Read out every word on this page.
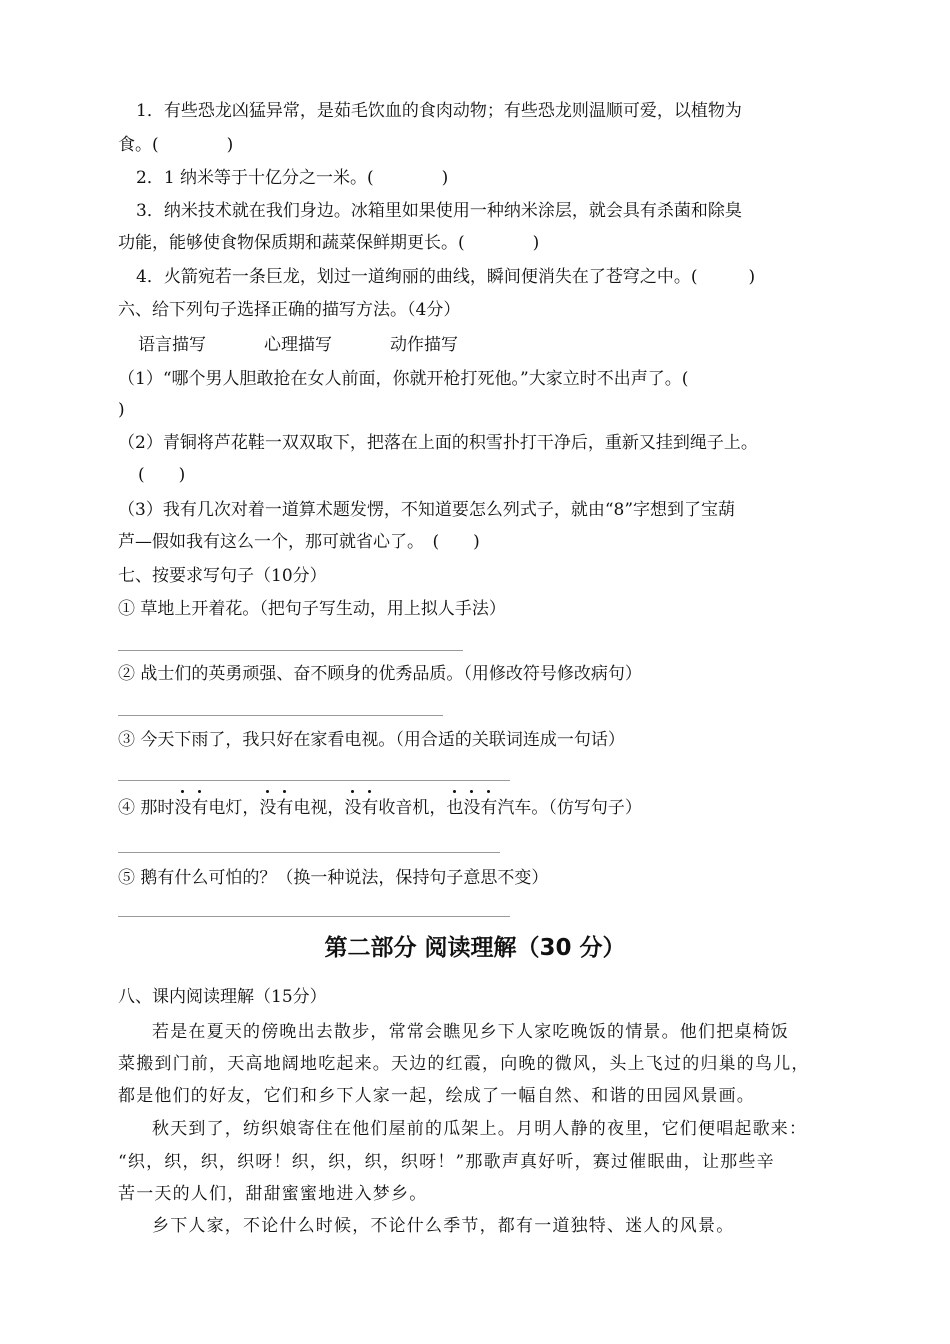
1．有些恐龙凶猛异常，是茹毛饮血的食肉动物；有些恐龙则温顺可爱，以植物为
食。(　　　　)
2．1 纳米等于十亿分之一米。(　　　　)
3．纳米技术就在我们身边。冰箱里如果使用一种纳米涂层，就会具有杀菌和除臭
功能，能够使食物保质期和蔬菜保鲜期更长。(　　　　)
4．火箭宛若一条巨龙，划过一道绚丽的曲线，瞬间便消失在了苍穹之中。(　　　)
六、给下列句子选择正确的描写方法。（4分）
语言描写	心理描写	动作描写
（1）“哪个男人胆敢抢在女人前面，你就开枪打死他。”大家立时不出声了。(
)
（2）青铜将芦花鞋一双双取下，把落在上面的积雪扑打干净后，重新又挂到绳子上。
(　　)
（3）我有几次对着一道算术题发愣，不知道要怎么列式子，就由“8”字想到了宝葫
芦—假如我有这么一个，那可就省心了。　(　　)
七、按要求写句子（10分）
① 草地上开着花。（把句子写生动，用上拟人手法）
② 战士们的英勇顽强、奋不顾身的优秀品质。（用修改符号修改病句）
③ 今天下雨了，我只好在家看电视。（用合适的关联词连成一句话）
④ 那时没有电灯，没有电视，没有收音机，也没有汽车。（仿写句子）
⑤ 鹅有什么可怕的？（换一种说法，保持句子意思不变）
第二部分 阅读理解（30 分）
八、课内阅读理解（15分）
若是在夏天的傍晚出去散步，常常会瞧见乡下人家吃晚饭的情景。他们把桌椅饭
菜搬到门前，天高地阔地吃起来。天边的红霞，向晚的微风，头上飞过的归巢的鸟儿，
都是他们的好友，它们和乡下人家一起，绘成了一幅自然、和谐的田园风景画。
秋天到了，纺织娘寄住在他们屋前的瓜架上。月明人静的夜里，它们便唱起歌来：
“织，织，织，织呀！织，织，织，织呀！”那歌声真好听，赛过催眠曲，让那些辛
苦一天的人们，甜甜蜜蜜地进入梦乡。
乡下人家，不论什么时候，不论什么季节，都有一道独特、迷人的风景。
